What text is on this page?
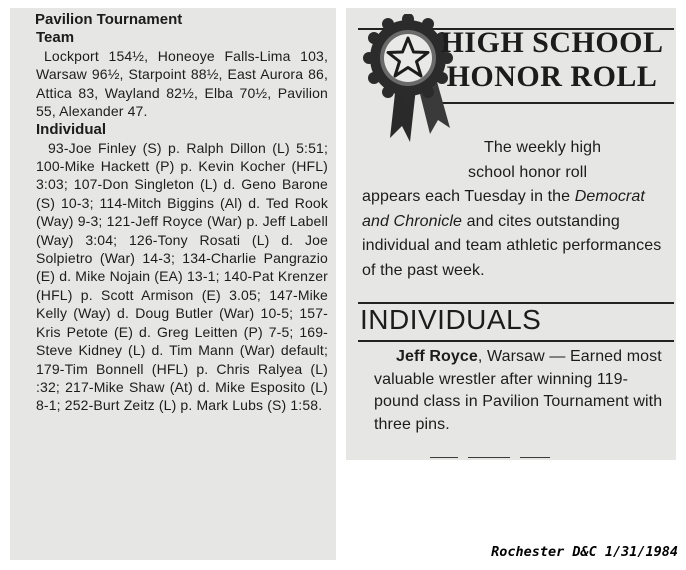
Pavilion Tournament

Team

Lockport 154½, Honeoye Falls-Lima 103, Warsaw 96½, Starpoint 88½, East Aurora 86, Attica 83, Wayland 82½, Elba 70½, Pavilion 55, Alexander 47.

Individual

93-Joe Finley (S) p. Ralph Dillon (L) 5:51; 100-Mike Hackett (P) p. Kevin Kocher (HFL) 3:03; 107-Don Singleton (L) d. Geno Barone (S) 10-3; 114-Mitch Biggins (Al) d. Ted Rook (Way) 9-3; 121-Jeff Royce (War) p. Jeff Labell (Way) 3:04; 126-Tony Rosati (L) d. Joe Solpietro (War) 14-3; 134-Charlie Pangrazio (E) d. Mike Nojain (EA) 13-1; 140-Pat Krenzer (HFL) p. Scott Armison (E) 3.05; 147-Mike Kelly (Way) d. Doug Butler (War) 10-5; 157-Kris Petote (E) d. Greg Leitten (P) 7-5; 169-Steve Kidney (L) d. Tim Mann (War) default; 179-Tim Bonnell (HFL) p. Chris Ralyea (L) :32; 217-Mike Shaw (At) d. Mike Esposito (L) 8-1; 252-Burt Zeitz (L) p. Mark Lubs (S) 1:58.

HIGH SCHOOL
HONOR ROLL
The weekly high
school honor roll
appears each Tuesday in the Democrat and Chronicle and cites outstanding individual and team athletic performances of the past week.
INDIVIDUALS
Jeff Royce, Warsaw — Earned most valuable wrestler after winning 119-pound class in Pavilion Tournament with three pins.
Rochester D&C 1/31/1984
